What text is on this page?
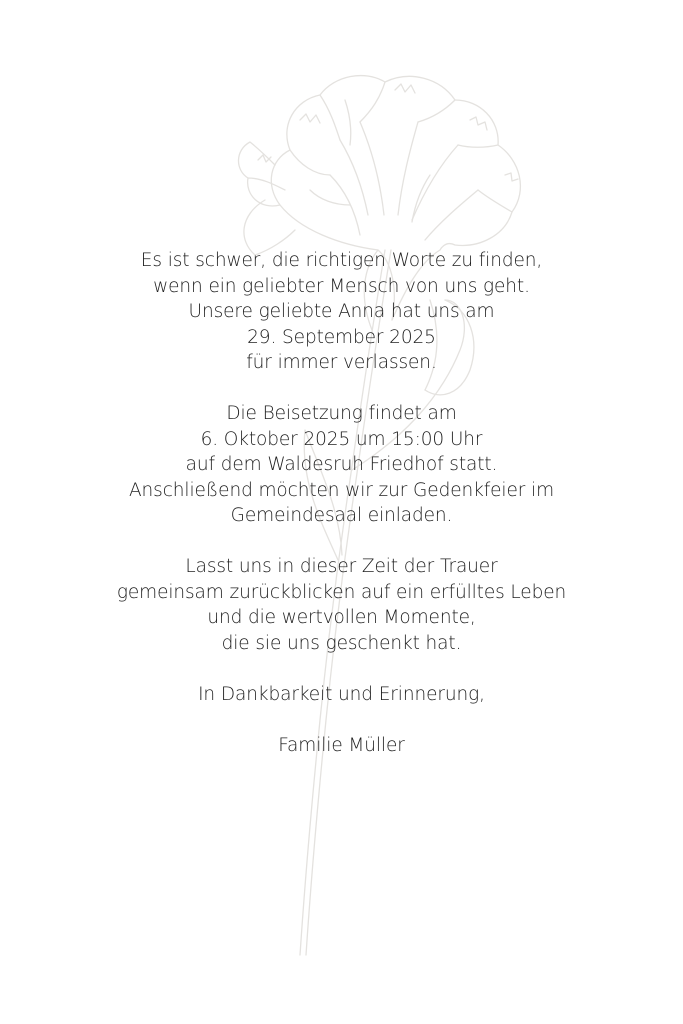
Es ist schwer, die richtigen Worte zu finden,
wenn ein geliebter Mensch von uns geht.
Unsere geliebte Anna hat uns am
29. September 2025
für immer verlassen.
Die Beisetzung findet am
6. Oktober 2025 um 15:00 Uhr
auf dem Waldesruh Friedhof statt.
Anschließend möchten wir zur Gedenkfeier im
Gemeindesaal einladen.
Lasst uns in dieser Zeit der Trauer
gemeinsam zurückblicken auf ein erfülltes Leben
und die wertvollen Momente,
die sie uns geschenkt hat.
In Dankbarkeit und Erinnerung,
Familie Müller
